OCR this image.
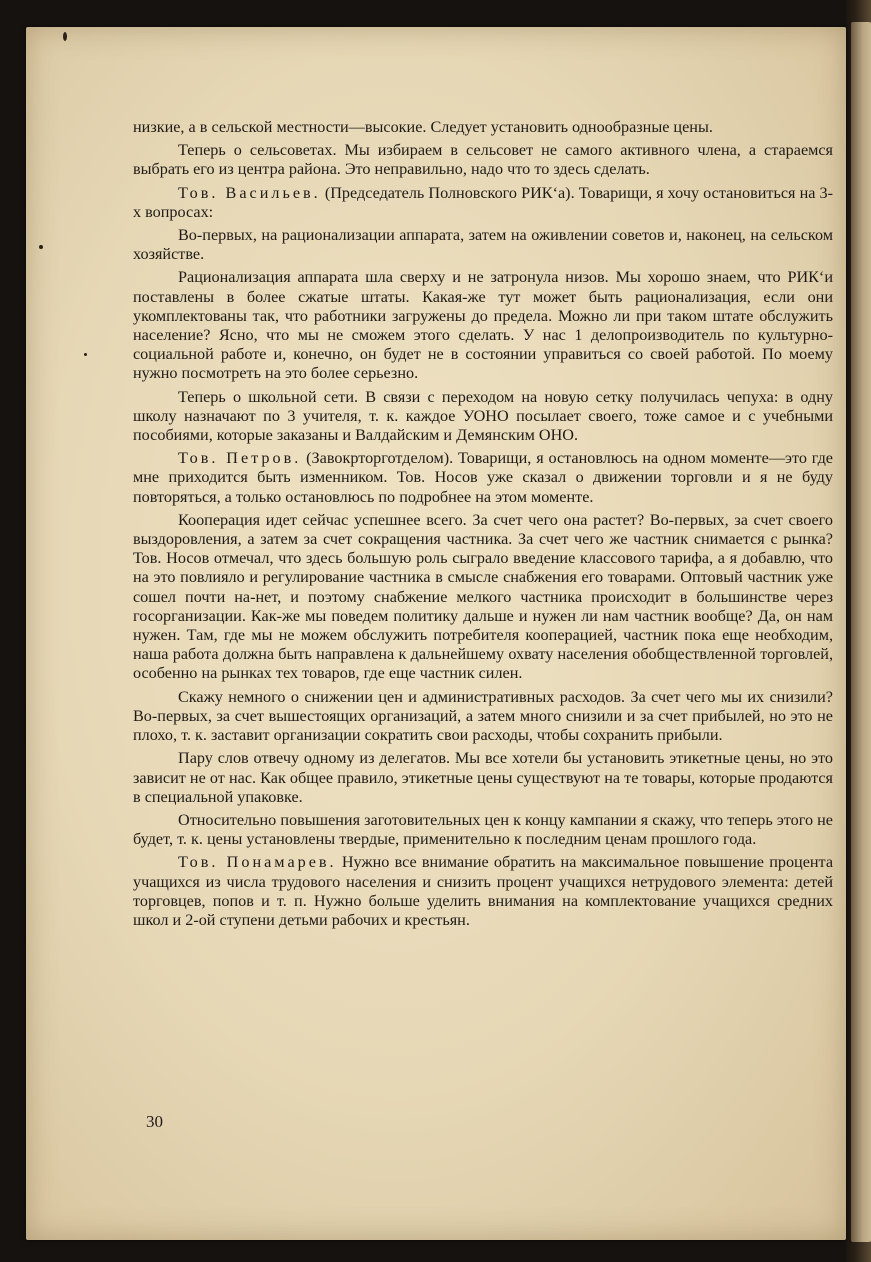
низкие, а в сельской местности—высокие. Следует установить однообразные цены.

Теперь о сельсоветах. Мы избираем в сельсовет не самого активного члена, а стараемся выбрать его из центра района. Это неправильно, надо что то здесь сделать.

Тов. Васильев. (Председатель Полновского РИК‘а). Товарищи, я хочу остановиться на 3-х вопросах:

Во-первых, на рационализации аппарата, затем на оживлении советов и, наконец, на сельском хозяйстве.

Рационализация аппарата шла сверху и не затронула низов. Мы хорошо знаем, что РИК‘и поставлены в более сжатые штаты. Какая-же тут может быть рационализация, если они укомплектованы так, что работники загружены до предела. Можно ли при таком штате обслужить население? Ясно, что мы не сможем этого сделать. У нас 1 делопроизводитель по культурно-социальной работе и, конечно, он будет не в состоянии управиться со своей работой. По моему нужно посмотреть на это более серьезно.

Теперь о школьной сети. В связи с переходом на новую сетку получилась чепуха: в одну школу назначают по 3 учителя, т. к. каждое УОНО посылает своего, тоже самое и с учебными пособиями, которые заказаны и Валдайским и Демянским ОНО.

Тов. Петров. (Завокрторготделом). Товарищи, я остановлюсь на одном моменте—это где мне приходится быть изменником. Тов. Носов уже сказал о движении торговли и я не буду повторяться, а только остановлюсь по подробнее на этом моменте.

Кооперация идет сейчас успешнее всего. За счет чего она растет? Во-первых, за счет своего выздоровления, а затем за счет сокращения частника. За счет чего же частник снимается с рынка? Тов. Носов отмечал, что здесь большую роль сыграло введение классового тарифа, а я добавлю, что на это повлияло и регулирование частника в смысле снабжения его товарами. Оптовый частник уже сошел почти на-нет, и поэтому снабжение мелкого частника происходит в большинстве через госорганизации. Как-же мы поведем политику дальше и нужен ли нам частник вообще? Да, он нам нужен. Там, где мы не можем обслужить потребителя кооперацией, частник пока еще необходим, наша работа должна быть направлена к дальнейшему охвату населения обобществленной торговлей, особенно на рынках тех товаров, где еще частник силен.

Скажу немного о снижении цен и административных расходов. За счет чего мы их снизили? Во-первых, за счет вышестоящих организаций, а затем много снизили и за счет прибылей, но это не плохо, т. к. заставит организации сократить свои расходы, чтобы сохранить прибыли.

Пару слов отвечу одному из делегатов. Мы все хотели бы установить этикетные цены, но это зависит не от нас. Как общее правило, этикетные цены существуют на те товары, которые продаются в специальной упаковке.

Относительно повышения заготовительных цен к концу кампании я скажу, что теперь этого не будет, т. к. цены установлены твердые, применительно к последним ценам прошлого года.

Тов. Понамарев. Нужно все внимание обратить на максимальное повышение процента учащихся из числа трудового населения и снизить процент учащихся нетрудового элемента: детей торговцев, попов и т. п. Нужно больше уделить внимания на комплектование учащихся средних школ и 2-ой ступени детьми рабочих и крестьян.

30
